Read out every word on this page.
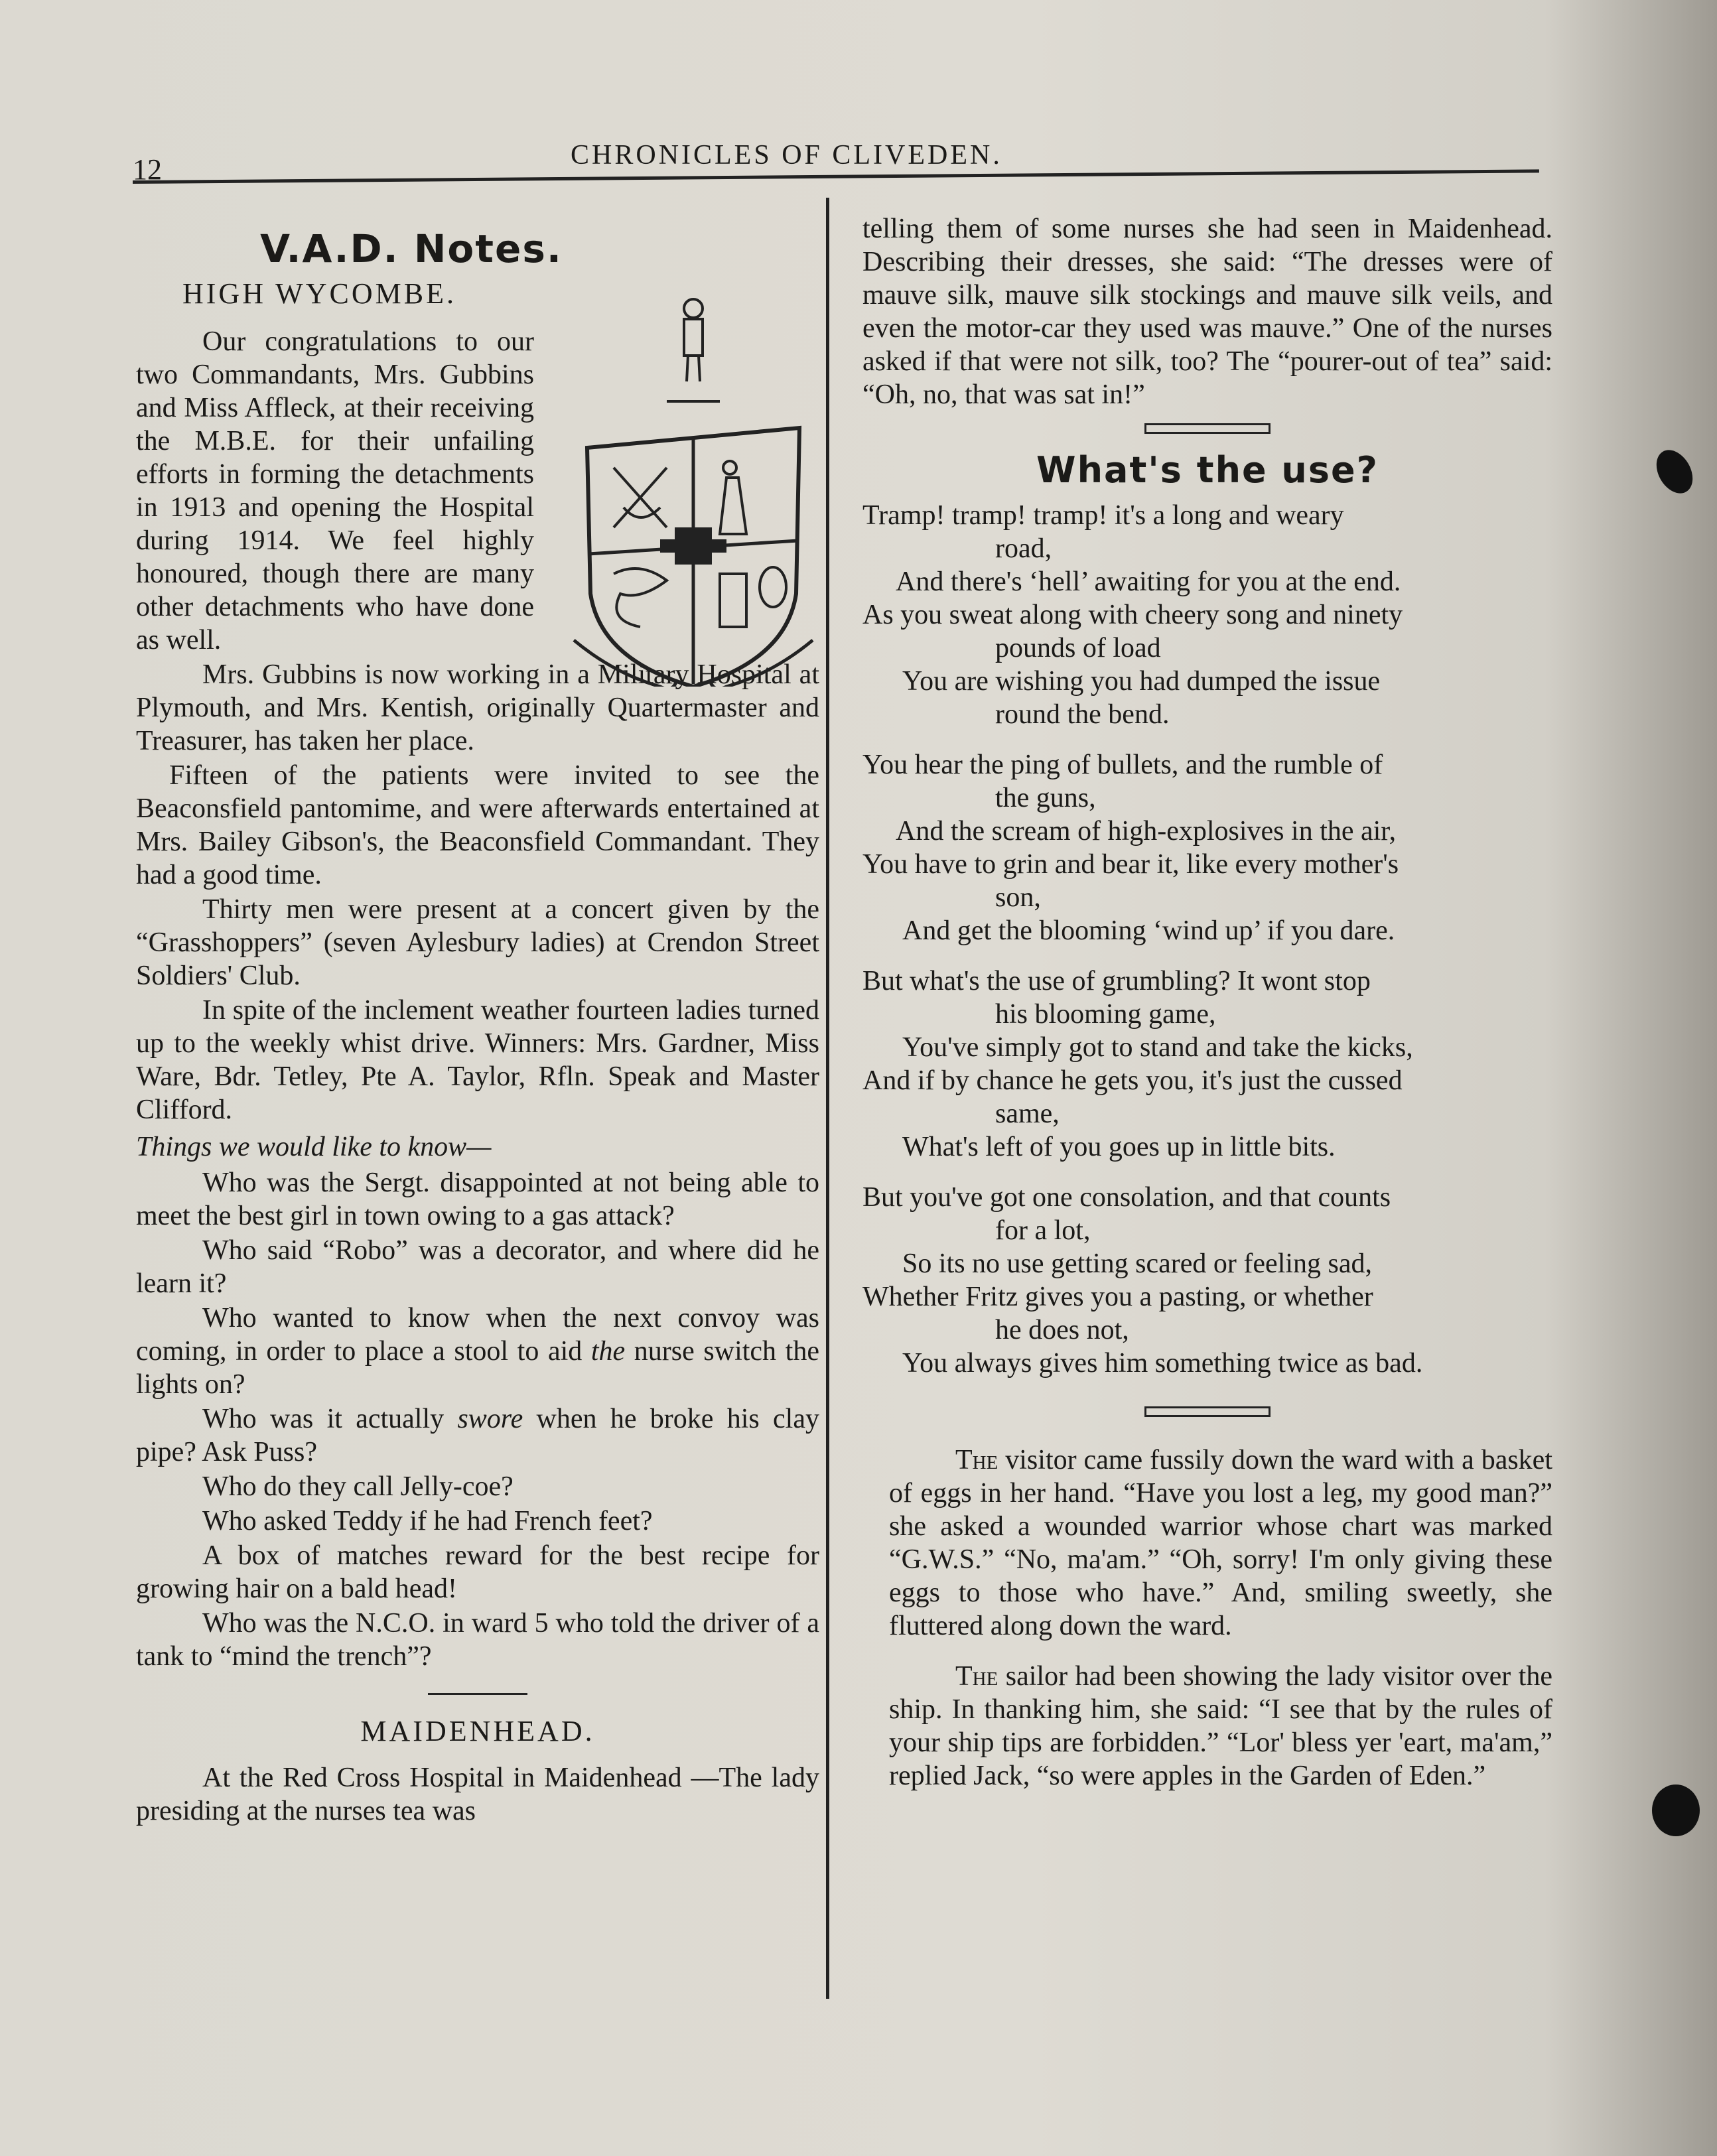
12	CHRONICLES OF CLIVEDEN.
V.A.D. Notes.
HIGH WYCOMBE.

Our congratulations to our two Commandants, Mrs. Gubbins and Miss Affleck, at their receiving the M.B.E. for their unfailing efforts in forming the detachments in 1913 and opening the Hospital during 1914. We feel highly honoured, though there are many other detachments who have done as well.

Mrs. Gubbins is now working in a Military Hospital at Plymouth, and Mrs. Kentish, originally Quartermaster and Treasurer, has taken her place.

Fifteen of the patients were invited to see the Beaconsfield pantomime, and were afterwards entertained at Mrs. Bailey Gibson's, the Beaconsfield Commandant. They had a good time.

Thirty men were present at a concert given by the “Grasshoppers” (seven Aylesbury ladies) at Crendon Street Soldiers' Club.

In spite of the inclement weather fourteen ladies turned up to the weekly whist drive. Winners: Mrs. Gardner, Miss Ware, Bdr. Tetley, Pte A. Taylor, Rfln. Speak and Master Clifford.

Things we would like to know—

Who was the Sergt. disappointed at not being able to meet the best girl in town owing to a gas attack?

Who said “Robo” was a decorator, and where did he learn it?

Who wanted to know when the next convoy was coming, in order to place a stool to aid the nurse switch the lights on?

Who was it actually swore when he broke his clay pipe? Ask Puss?

Who do they call Jelly-coe?

Who asked Teddy if he had French feet?

A box of matches reward for the best recipe for growing hair on a bald head!

Who was the N.C.O. in ward 5 who told the driver of a tank to “mind the trench”?

MAIDENHEAD.

At the Red Cross Hospital in Maidenhead —The lady presiding at the nurses tea was

telling them of some nurses she had seen in Maidenhead. Describing their dresses, she said: “The dresses were of mauve silk, mauve silk stockings and mauve silk veils, and even the motor-car they used was mauve.” One of the nurses asked if that were not silk, too? The “pourer-out of tea” said: “Oh, no, that was sat in!”

What's the use?
Tramp! tramp! tramp! it's a long and weary
road,
And there's ‘hell’ awaiting for you at the end.
As you sweat along with cheery song and ninety
pounds of load
You are wishing you had dumped the issue
round the bend.
You hear the ping of bullets, and the rumble of
the guns,
And the scream of high-explosives in the air,
You have to grin and bear it, like every mother's
son,
And get the blooming ‘wind up’ if you dare.
But what's the use of grumbling? It wont stop
his blooming game,
You've simply got to stand and take the kicks,
And if by chance he gets you, it's just the cussed
same,
What's left of you goes up in little bits.
But you've got one consolation, and that counts
for a lot,
So its no use getting scared or feeling sad,
Whether Fritz gives you a pasting, or whether
he does not,
You always gives him something twice as bad.

The visitor came fussily down the ward with a basket of eggs in her hand. “Have you lost a leg, my good man?” she asked a wounded warrior whose chart was marked “G.W.S.” “No, ma'am.” “Oh, sorry! I'm only giving these eggs to those who have.” And, smiling sweetly, she fluttered along down the ward.

The sailor had been showing the lady visitor over the ship. In thanking him, she said: “I see that by the rules of your ship tips are forbidden.” “Lor' bless yer 'eart, ma'am,” replied Jack, “so were apples in the Garden of Eden.”
